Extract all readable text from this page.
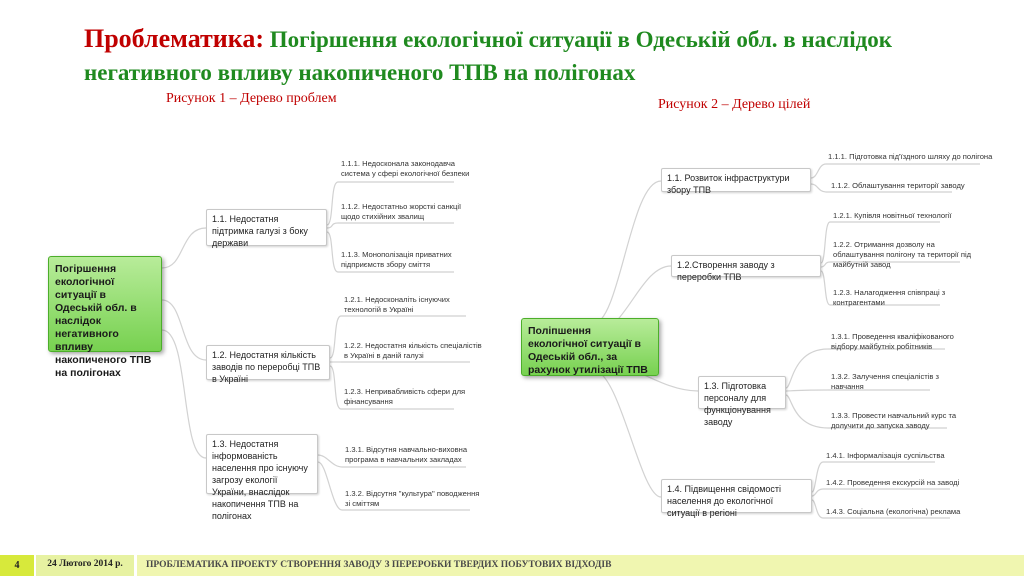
Проблематика: Погіршення екологічної ситуації в Одеській обл. в наслідок негативного впливу накопиченого ТПВ на полігонах
Рисунок 1 – Дерево проблем	Рисунок 2 – Дерево цілей
Погіршення екологічної ситуації в Одеській обл. в наслідок негативного впливу накопиченого ТПВ на полігонах
1.1. Недостатня підтримка галузі з боку держави
1.2. Недостатня кількість заводів по переробці ТПВ в Україні
1.3. Недостатня інформованість населення про існуючу загрозу екології України, внаслідок накопичення ТПВ на полігонах
1.1.1. Недосконала законодавча
система у сфері екологічної безпеки
1.1.2. Недостатньо жорсткі санкції
щодо стихійних звалищ
1.1.3. Монополізація приватних
підприємств збору сміття
1.2.1. Недосконаліть існуючих
технологій в Україні
1.2.2. Недостатня кількість спеціалістів
в Україні в даній галузі
1.2.3. Непривабливість сфери для
фінансування
1.3.1. Відсутня навчально-виховна
програма в навчальних закладах
1.3.2. Відсутня "культура" поводження
зі сміттям
Поліпшення екологічної ситуації в Одеській обл., за рахунок утилізації ТПВ
1.1. Розвиток інфраструктури збору ТПВ
1.2.Створення заводу з переробки ТПВ
1.3. Підготовка персоналу для функціонування заводу
1.4. Підвищення свідомості населення до екологічної ситуації в регіоні
1.1.1. Підготовка під'їздного шляху до полігона
1.1.2. Облаштування території заводу
1.2.1. Купівля новітньої технології
1.2.2. Отримання дозволу на
облаштування полігону та території під
майбутній завод
1.2.3. Налагодження співпраці з
контрагентами
1.3.1. Проведення кваліфікованого
відбору майбутніх робітників
1.3.2. Залучення спеціалістів з
навчання
1.3.3. Провести навчальний курс та
долучити до запуска заводу
1.4.1. Інформалізація суспільства
1.4.2. Проведення екскурсій на заводі
1.4.3. Соціальна (екологічна) реклама
4	24 Лютого 2014 р.	ПРОБЛЕМАТИКА ПРОЕКТУ СТВОРЕННЯ ЗАВОДУ З ПЕРЕРОБКИ ТВЕРДИХ ПОБУТОВИХ ВІДХОДІВ
